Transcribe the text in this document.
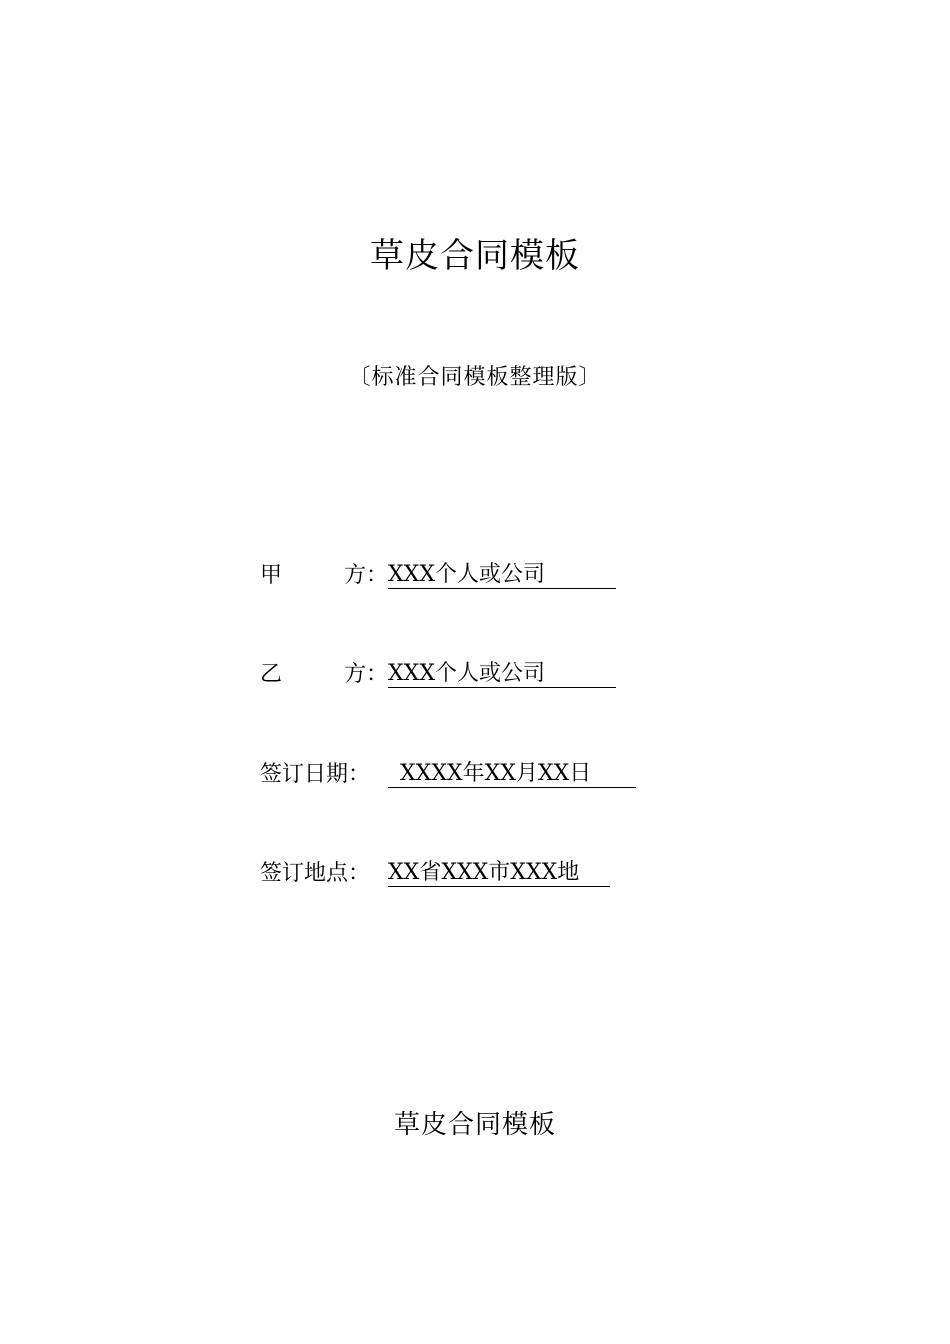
草皮合同模板
〔标准合同模板整理版〕
甲	方： XXX个人或公司
乙	方： XXX个人或公司
签订日期： XXXX年XX月XX日
签订地点： XX省XXX市XXX地
草皮合同模板
